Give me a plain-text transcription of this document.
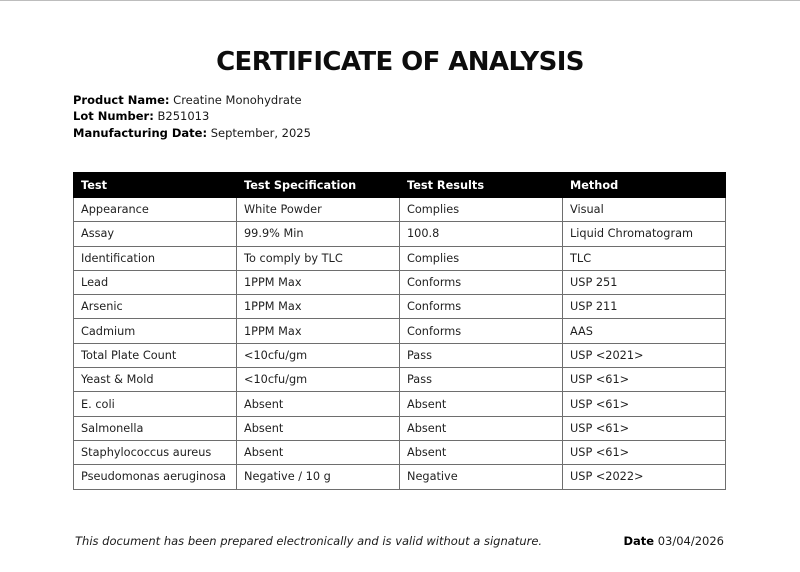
CERTIFICATE OF ANALYSIS
Product Name: Creatine Monohydrate
Lot Number: B251013
Manufacturing Date: September, 2025
Test	Test Specification	Test Results	Method
Appearance	White Powder	Complies	Visual
Assay	99.9% Min	100.8	Liquid Chromatogram
Identification	To comply by TLC	Complies	TLC
Lead	1PPM Max	Conforms	USP 251
Arsenic	1PPM Max	Conforms	USP 211
Cadmium	1PPM Max	Conforms	AAS
Total Plate Count	<10cfu/gm	Pass	USP <2021>
Yeast & Mold	<10cfu/gm	Pass	USP <61>
E. coli	Absent	Absent	USP <61>
Salmonella	Absent	Absent	USP <61>
Staphylococcus aureus	Absent	Absent	USP <61>
Pseudomonas aeruginosa	Negative / 10 g	Negative	USP <2022>
This document has been prepared electronically and is valid without a signature.	Date 03/04/2026
